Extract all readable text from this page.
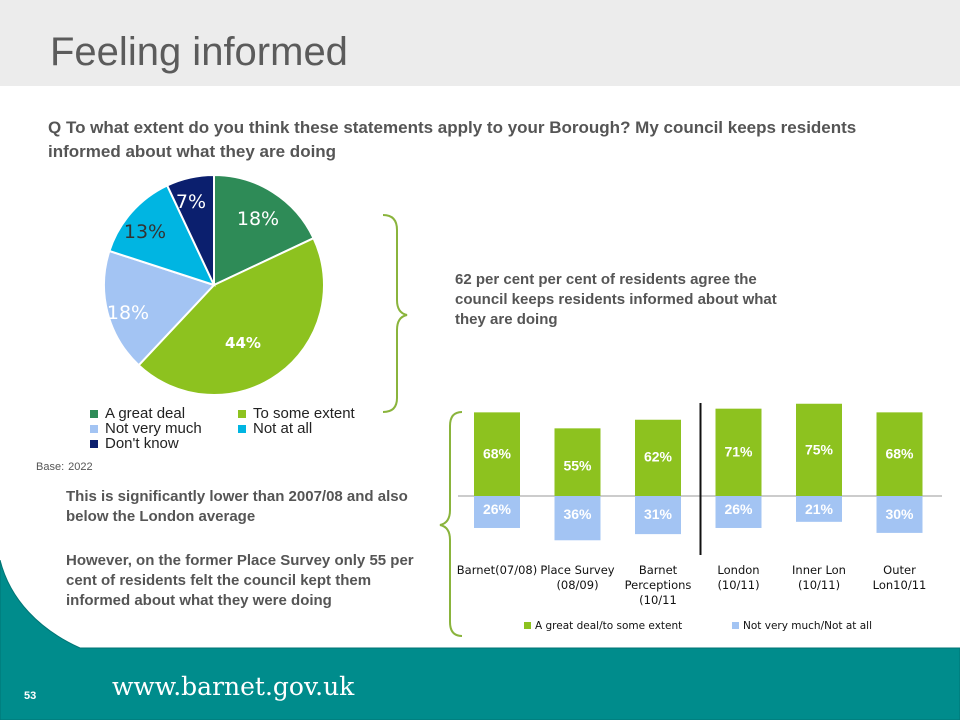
Feeling informed
Q To what extent do you think these statements apply to your Borough? My council keeps residents informed about what they are doing
53	www.barnet.gov.uk
18%
44%
18%
13%
7%
A great deal	To some extent
Not very much	Not at all
Don't know
Base: 2022
This is significantly lower than 2007/08 and also below the London average
However, on the former Place Survey only 55 per cent of residents felt the council kept them informed about what they were doing
62 per cent per cent of residents agree the council keeps residents informed about what they are doing
68%
26%
55%
36%
62%
31%
71%
26%
75%
21%
68%
30%
Barnet(07/08) Place Survey
(08/09)
Barnet
Perceptions
(10/11
London
(10/11)
Inner Lon
(10/11)
Outer
Lon10/11
A great deal/to some extent	Not very much/Not at all
